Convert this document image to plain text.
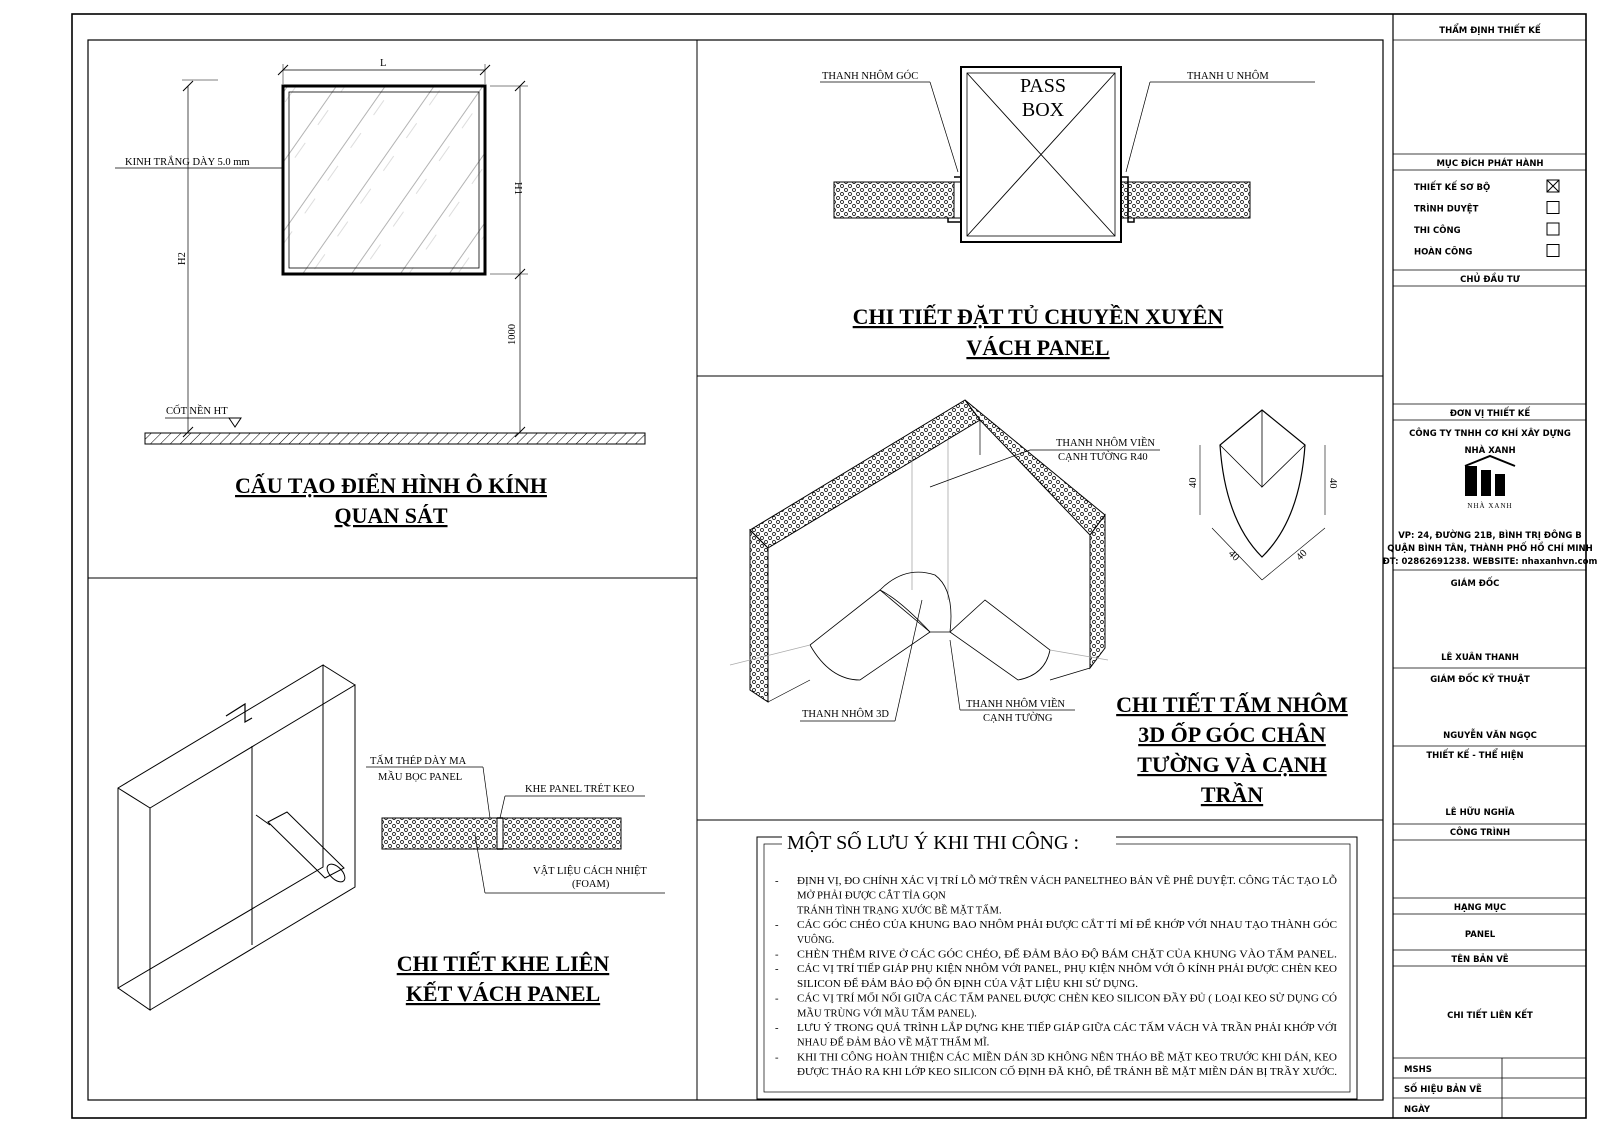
L
H2
H1
1000
KINH TRẮNG DÀY 5.0 mm
CỐT NỀN HT
CẤU TẠO ĐIỂN HÌNH Ô KÍNH
QUAN SÁT
PASS
BOX
THANH NHÔM GÓC	THANH U NHÔM
CHI TIẾT ĐẶT TỦ CHUYỀN XUYÊN
VÁCH PANEL
THANH NHÔM VIỀN
CẠNH TƯỜNG R40
THANH NHÔM 3D
THANH NHÔM VIỀN
CẠNH TƯỜNG
40	40
40	40
CHI TIẾT TẤM NHÔM
3D ỐP GÓC CHÂN
TƯỜNG VÀ CẠNH
TRẦN
TẤM THÉP DÀY MA
MẦU BỌC PANEL
KHE PANEL TRÉT KEO
VẬT LIỆU CÁCH NHIỆT
(FOAM)
CHI TIẾT KHE LIÊN
KẾT VÁCH PANEL
MỘT SỐ LƯU Ý KHI THI CÔNG :
- ĐỊNH VỊ, ĐO CHÍNH XÁC VỊ TRÍ LỖ MỞ TRÊN VÁCH PANELTHEO BẢN VẼ PHÊ DUYỆT. CÔNG TÁC TẠO LỖ
MỞ PHẢI ĐƯỢC CẮT TỈA GỌN
TRÁNH TÌNH TRẠNG XƯỚC BỀ MẶT TẤM.
- CÁC GÓC CHÉO CỦA KHUNG BAO NHÔM PHẢI ĐƯỢC CẮT TỈ MỈ ĐỂ KHỚP VỚI NHAU TẠO THÀNH GÓC
VUÔNG.
- CHÈN THÊM RIVE Ở CÁC GÓC CHÉO, ĐỂ ĐẢM BẢO ĐỘ BÁM CHẶT CỦA KHUNG VÀO TẤM PANEL.
- CÁC VỊ TRÍ TIẾP GIÁP PHỤ KIỆN NHÔM VỚI PANEL, PHỤ KIỆN NHÔM VỚI Ô KÍNH PHẢI ĐƯỢC CHÈN KEO
SILICON ĐỂ ĐẢM BẢO ĐỘ ỔN ĐỊNH CỦA VẬT LIỆU KHI SỬ DỤNG.
- CÁC VỊ TRÍ MỐI NỐI GIỮA CÁC TẤM PANEL ĐƯỢC CHÈN KEO SILICON ĐẦY ĐỦ ( LOẠI KEO SỬ DỤNG CÓ
MẦU TRÙNG VỚI MẦU TẤM PANEL).
- LƯU Ý TRONG QUÁ TRÌNH LẮP DỰNG KHE TIẾP GIÁP GIỮA CÁC TẤM VÁCH VÀ TRẦN PHẢI KHỚP VỚI
NHAU ĐỂ ĐẢM BẢO VỀ MẶT THẨM MĨ.
- KHI THI CÔNG HOÀN THIỆN CÁC MIỀN DÁN 3D KHÔNG NÊN THÁO BỀ MẶT KEO TRƯỚC KHI DÁN, KEO
ĐƯỢC THÁO RA KHI LỚP KEO SILICON CỐ ĐỊNH ĐÃ KHÔ, ĐỂ TRÁNH BỀ MẶT MIỀN DÁN BỊ TRẦY XƯỚC.
THẨM ĐỊNH THIẾT KẾ
MỤC ĐÍCH PHÁT HÀNH
THIẾT KẾ SƠ BỘ
TRÌNH DUYỆT
THI CÔNG
HOÀN CÔNG
CHỦ ĐẦU TƯ
ĐƠN VỊ THIẾT KẾ
CÔNG TY TNHH CƠ KHÍ XÂY DỰNG
NHÀ XANH
NHÀ XANH
VP: 24, ĐƯỜNG 21B, BÌNH TRỊ ĐÔNG B
QUẬN BÌNH TÂN, THÀNH PHỐ HỒ CHÍ MINH
ĐT: 02862691238. WEBSITE: nhaxanhvn.com
GIÁM ĐỐC
LÊ XUÂN THANH
GIÁM ĐỐC KỸ THUẬT
NGUYỄN VĂN NGỌC
THIẾT KẾ - THỂ HIỆN
LÊ HỮU NGHĨA
CÔNG TRÌNH
HẠNG MỤC
PANEL
TÊN BẢN VẼ
CHI TIẾT LIÊN KẾT
MSHS
SỐ HIỆU BẢN VẼ
NGÀY
